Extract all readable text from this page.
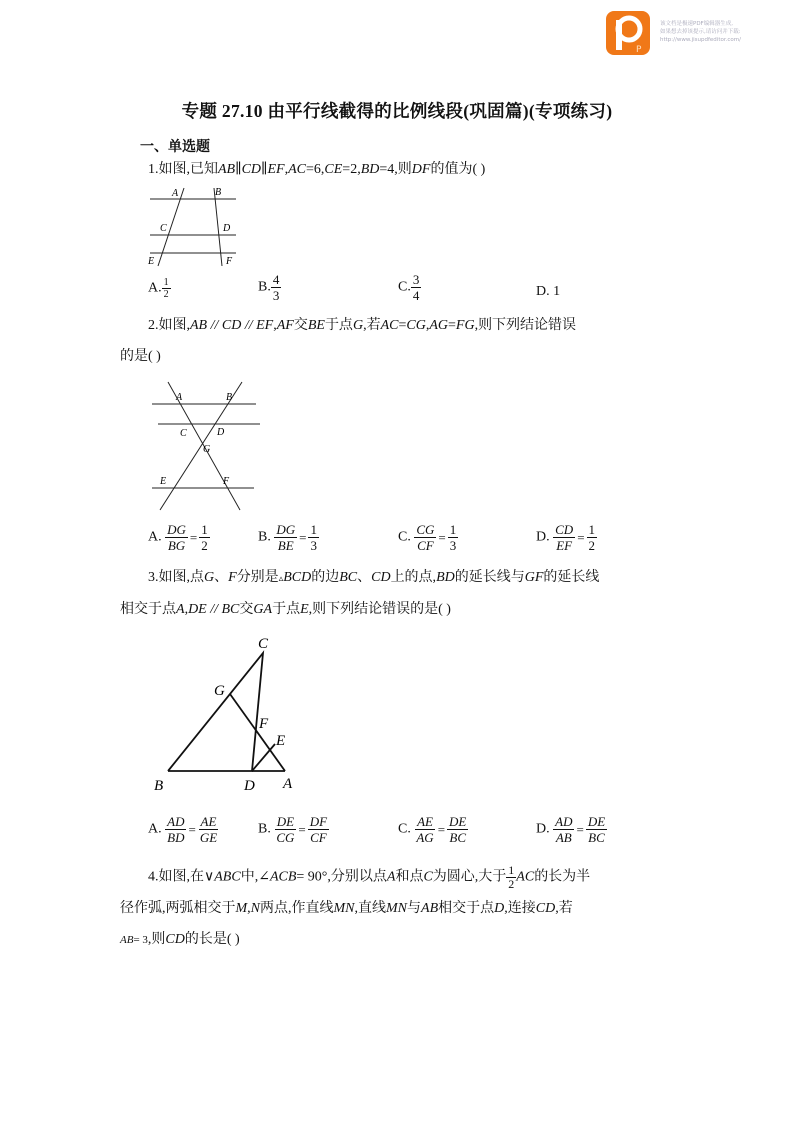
P
该文档是极速PDF编辑器生成,
如果想去掉该提示,请访问并下载:
http://www.jisupdfeditor.com/
专题 27.10 由平行线截得的比例线段(巩固篇)(专项练习)
一、单选题
1.如图,已知AB∥CD∥EF,AC=6,CE=2,BD=4,则DF的值为( )
A	B
C	D
E	F
A. $\frac{1}{2}$	B. $\frac{4}{3}$	C. $\frac{3}{4}$	D. 1
2.如图,AB // CD // EF,AF交BE于点G,若AC=CG,AG=FG,则下列结论错误
的是( )
A	B
C	D
G
E	F
A. $\frac{DG}{BG} = \frac{1}{2}$	B. $\frac{DG}{BE} = \frac{1}{3}$	C. $\frac{CG}{CF} = \frac{1}{3}$	D. $\frac{CD}{EF} = \frac{1}{2}$
3.如图,点G、F分别是▵BCD的边BC、CD上的点,BD的延长线与GF的延长线
相交于点A,DE // BC交GA于点E,则下列结论错误的是( )
C
G
F
E
B	D A
A. $\frac{AD}{BD} = \frac{AE}{GE}$	B. $\frac{DE}{CG} = \frac{DF}{CF}$	C. $\frac{AE}{AG} = \frac{DE}{BC}$	D. $\frac{AD}{AB} = \frac{DE}{BC}$
4.如图,在∨ABC中,∠ACB= 90°,分别以点A和点C为圆心,大于 $\frac{1}{2}$ AC的长为半
径作弧,两弧相交于M,N两点,作直线MN,直线MN与AB相交于点D,连接CD,若
AB= 3,则CD的长是( )
